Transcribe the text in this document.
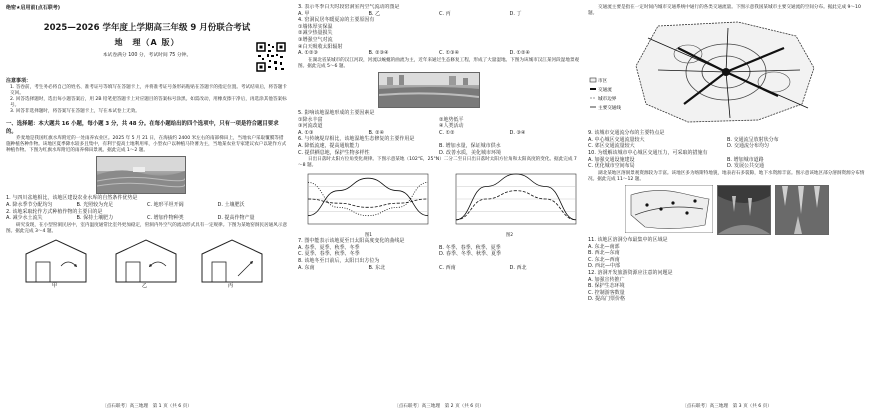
绝密★启用前(点石联考)
2025—2026 学年度上学期高三年级 9 月份联合考试
地　理（A 版）
本试卷满分 100 分，考试时间 75 分钟。
注意事项：
1. 答卷前，考生务必将自己的姓名、准考证号等填写在答题卡上，并将准考证号条形码粘贴在答题卡的指定位置。考试结束后，将答题卡交回。
2. 回答选择题时，选出每小题答案后，用 2B 铅笔把答题卡上对应题目的答案标号涂黑。如需改动，用橡皮擦干净后，再选涂其他答案标号。
3. 回答非选择题时，将答案写在答题卡上，写在本试卷上无效。
一、选择题：本大题共 16 小题，每小题 3 分，共 48 分。在每小题给出的四个选项中，只有一项是符合题目要求的。

乔麦地是我国红旗水库附近的一处雨养农业区。2025 年 5 月 21 日，在海拔约 2400 米左右的南部梯田上，当地农户采取覆膜等措施种植各种作物。该地区夏季降水较多且集中，有利于提高土地利用率，小型农户以种植马铃薯为主，当地某农业专家建议农户以轮作方式种植作物。下图为红旗水库附近的雨养梯田景观。据此完成 1～2 题。

1. 与四川盆地相比，该地区建设农业水库的自然条件优势是
A. 降水季节分配均匀	B. 光照较为充足	C. 地形平坦开阔	D. 土壤肥沃
2. 该地采取轮作方式种植作物的主要目的是
A. 减少水土流失	B. 保持土壤肥力	C. 增加作物种类	D. 提高作物产量

研究发现，在小型窑洞民居中，室内温度通常比室外更加稳定，窑洞内外空气的流动形式具有一定规律。下图为某地窑洞民居通风示意图。据此完成 3～4 题。

甲	乙	丙
〔点石联考〕高三地理　第 1 页（共 6 页）
3. 表示冬季白天时段窑洞室内空气流动的图是
A. 甲	B. 乙	C. 丙	D. 丁
4. 窑洞民居冬暖夏凉的主要原因有
①墙体厚实保温
②减少热量损失
③增强空气对流
④白天吸收太阳辐射
A. ①②③	B. ②③④	C. ①③④	D. ①②④

在湖北省某城市的汉江河段，河流以蜿蜒的曲流为主，近年来通过生态修复工程，形成了大量湿地。下图为该城市汉江某河段湿地景观图。据此完成 5～6 题。

5. 影响该地湿地形成的主要因素是
①降水丰富	②地势低平
③河流改道	④人类活动
A. ①③	B. ②④	C. ①②	D. ③④
6. 与传统堤岸相比，该地湿地生态修复的主要作用是
A. 降低流速，提高通航能力	B. 增加水量，保证城市供水
C. 提供栖息地，保护生物多样性	D. 改善水质，美化城市环境

日出日落时太阳方位角变化规律。下图示意某地（102°E，25°N）二分二至日日出日落时太阳方位角和太阳高度的变化。据此完成 7～8 题。

图1	图2
7. 图中能表示该地夏至日太阳高度变化的曲线是
A. 春季、夏季、秋季、冬季	B. 冬季、春季、秋季、夏季
C. 夏季、春季、秋季、冬季	D. 春季、冬季、秋季、夏季
8. 该地冬至日前后，太阳日出方位为
A. 东南	B. 东北	C. 西南	D. 西北
〔点石联考〕高三地理　第 2 页（共 6 页）

交通流主要是指在一定时间内城市交通系统中通行的各类交通流量。下图示意我国某城市主要交通流的空间分布。据此完成 9～10 题。

市区
交通流
城市边界
主要交通线
9. 该城市交通流分布的主要特点是
A. 中心城区交通流量较大	B. 交通流呈放射状分布
C. 郊区交通流量较大	D. 交通流分布均匀
10. 为缓解该城市中心城区交通压力，可采取的措施有
A. 加强交通设施建设	B. 增加城市道路
C. 优化城市空间布局	D. 发展公共交通

湖北某地区溶洞景观资源较为丰富。该地区多为喀斯特地貌，地表岩石多裂隙，地下水资源丰富。图示意该地区部分溶洞资源分布情况。据此完成 11～12 题。

11. 该地区溶洞分布最集中的区域是
A. 东北—南部
B. 西北—东南
C. 东北—西南
D. 西北—中部
12. 溶洞开发旅游资源应注意的问题是
A. 加强宣传推广
B. 保护生态环境
C. 控制游客数量
D. 提高门票价格
〔点石联考〕高三地理　第 3 页（共 6 页）
